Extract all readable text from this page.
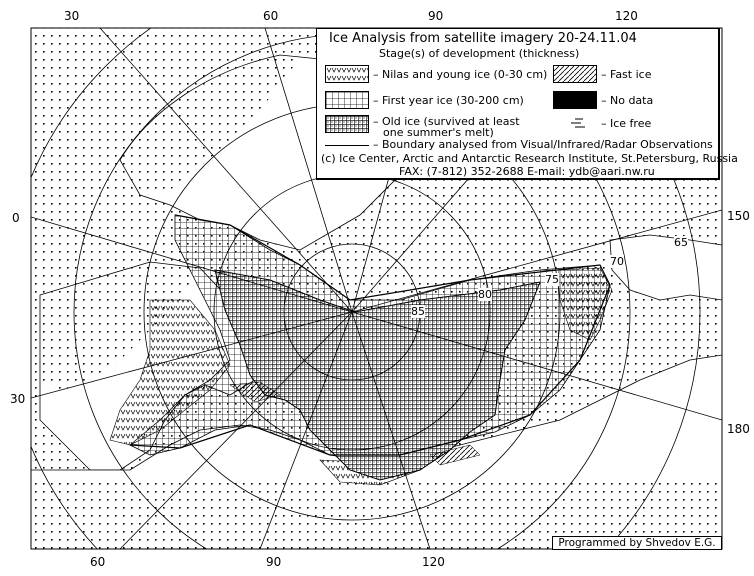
30	60	90	120
60	90	120
0
30
150
180
65
70
75
80
85
Ice Analysis from satellite imagery 20-24.11.04
Stage(s) of development (thickness)
– Nilas and young ice (0-30 cm)	– Fast ice
– First year ice (30-200 cm)	– No data
– Old ice (survived at least
one summer's melt)
– Ice free
– Boundary analysed from Visual/Infrared/Radar Observations
(c) Ice Center, Arctic and Antarctic Research Institute, St.Petersburg, Russia
FAX: (7-812) 352-2688 E-mail: ydb@aari.nw.ru
Programmed by Shvedov E.G.
